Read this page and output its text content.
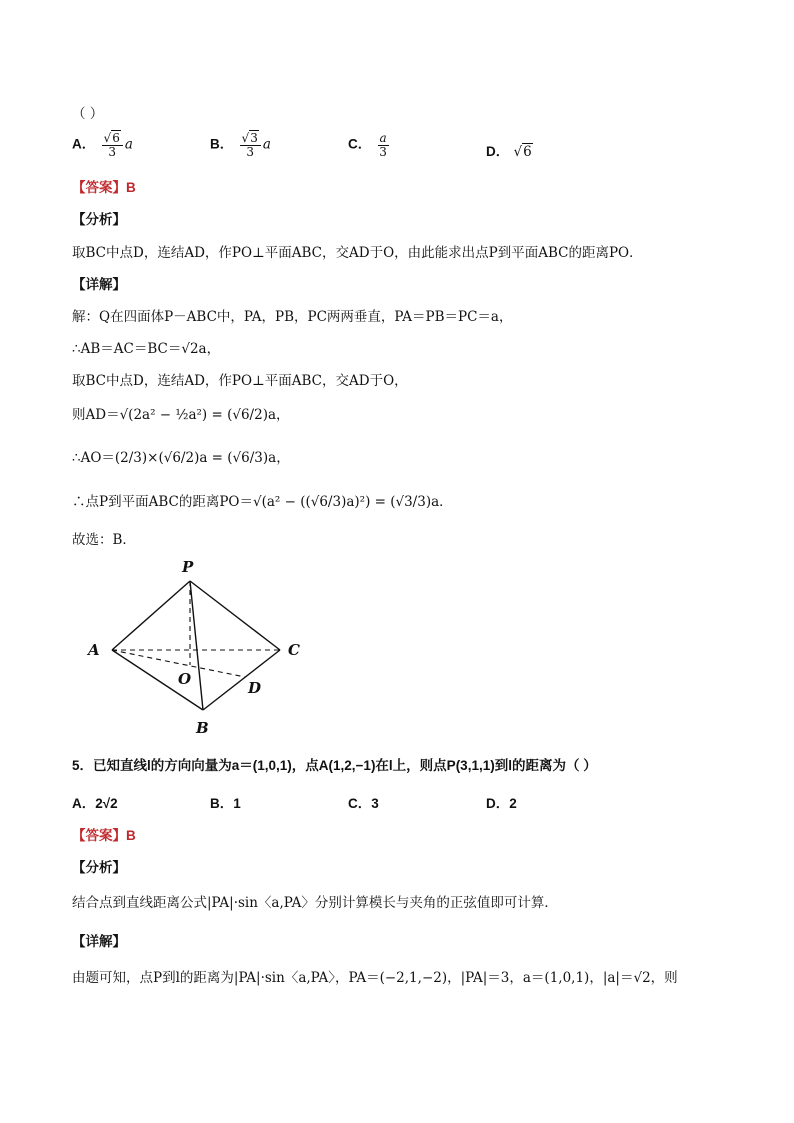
（ ）
A． $\frac{√6}{3}$ a	B． $\frac{√3}{3}$ a	C． $\frac{a}{3}$	D． √6
【答案】B
【分析】
取BC中点D，连结AD，作PO⊥平面ABC，交AD于O，由此能求出点P到平面ABC的距离PO．
【详解】
解：Q在四面体P－ABC中，PA，PB，PC两两垂直，PA＝PB＝PC＝a，
∴AB＝AC＝BC＝√2a，
取BC中点D，连结AD，作PO⊥平面ABC，交AD于O，
则AD＝√(2a² − ½a²) = (√6/2)a，
∴AO＝(2/3)×(√6/2)a = (√6/3)a，
∴点P到平面ABC的距离PO＝√(a² − ((√6/3)a)²) = (√3/3)a．
故选：B．
P
A	C
O	D
B
5．已知直线l的方向向量为a＝(1,0,1)，点A(1,2,−1)在l上，则点P(3,1,1)到l的距离为（ ）
A．2√2	B．1	C．3	D．2
【答案】B
【分析】
结合点到直线距离公式|PA|·sin〈a,PA〉分别计算模长与夹角的正弦值即可计算．
【详解】
由题可知，点P到l的距离为|PA|·sin〈a,PA〉，PA＝(−2,1,−2)，|PA|＝3，a＝(1,0,1)，|a|＝√2，则
